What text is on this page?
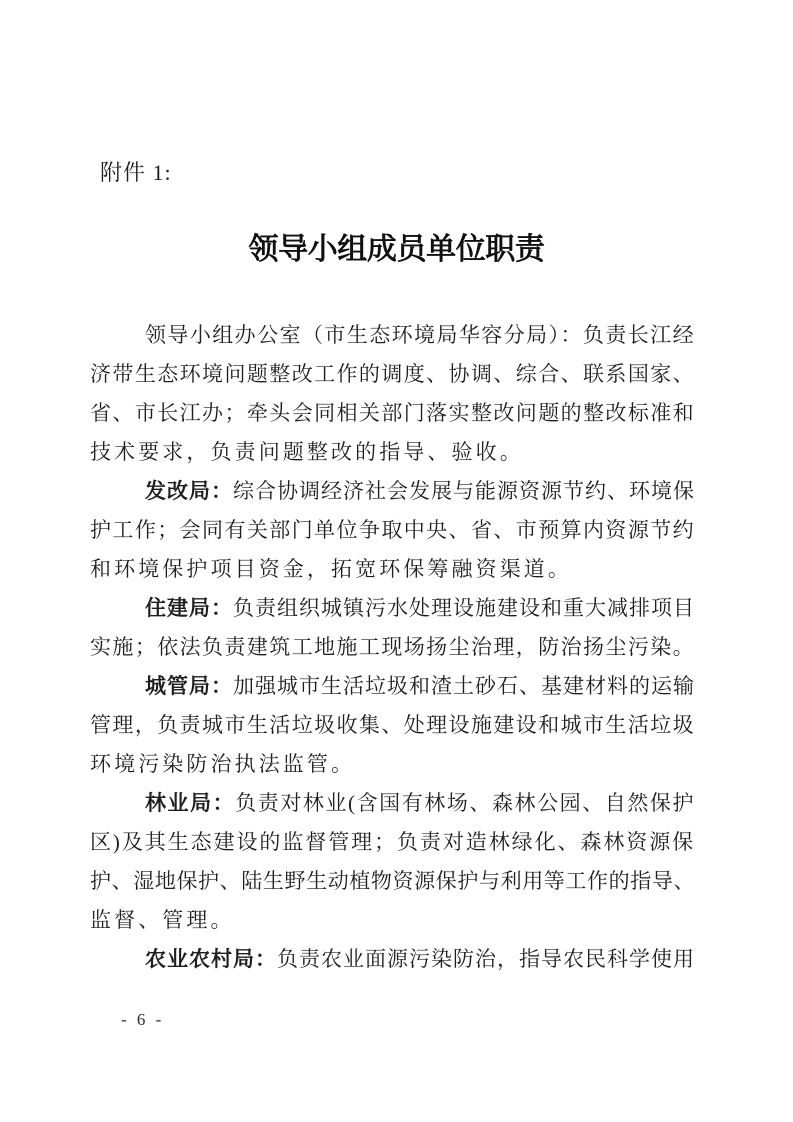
附件 1:
领导小组成员单位职责
领导小组办公室（市生态环境局华容分局）：负责长江经
济带生态环境问题整改工作的调度、协调、综合、联系国家、
省、市长江办；牵头会同相关部门落实整改问题的整改标准和
技术要求，负责问题整改的指导、验收。
发改局：综合协调经济社会发展与能源资源节约、环境保
护工作；会同有关部门单位争取中央、省、市预算内资源节约
和环境保护项目资金，拓宽环保筹融资渠道。
住建局：负责组织城镇污水处理设施建设和重大减排项目
实施；依法负责建筑工地施工现场扬尘治理，防治扬尘污染。
城管局：加强城市生活垃圾和渣土砂石、基建材料的运输
管理，负责城市生活垃圾收集、处理设施建设和城市生活垃圾
环境污染防治执法监管。
林业局：负责对林业(含国有林场、森林公园、自然保护
区)及其生态建设的监督管理；负责对造林绿化、森林资源保
护、湿地保护、陆生野生动植物资源保护与利用等工作的指导、
监督、管理。
农业农村局：负责农业面源污染防治，指导农民科学使用
- 6 -
